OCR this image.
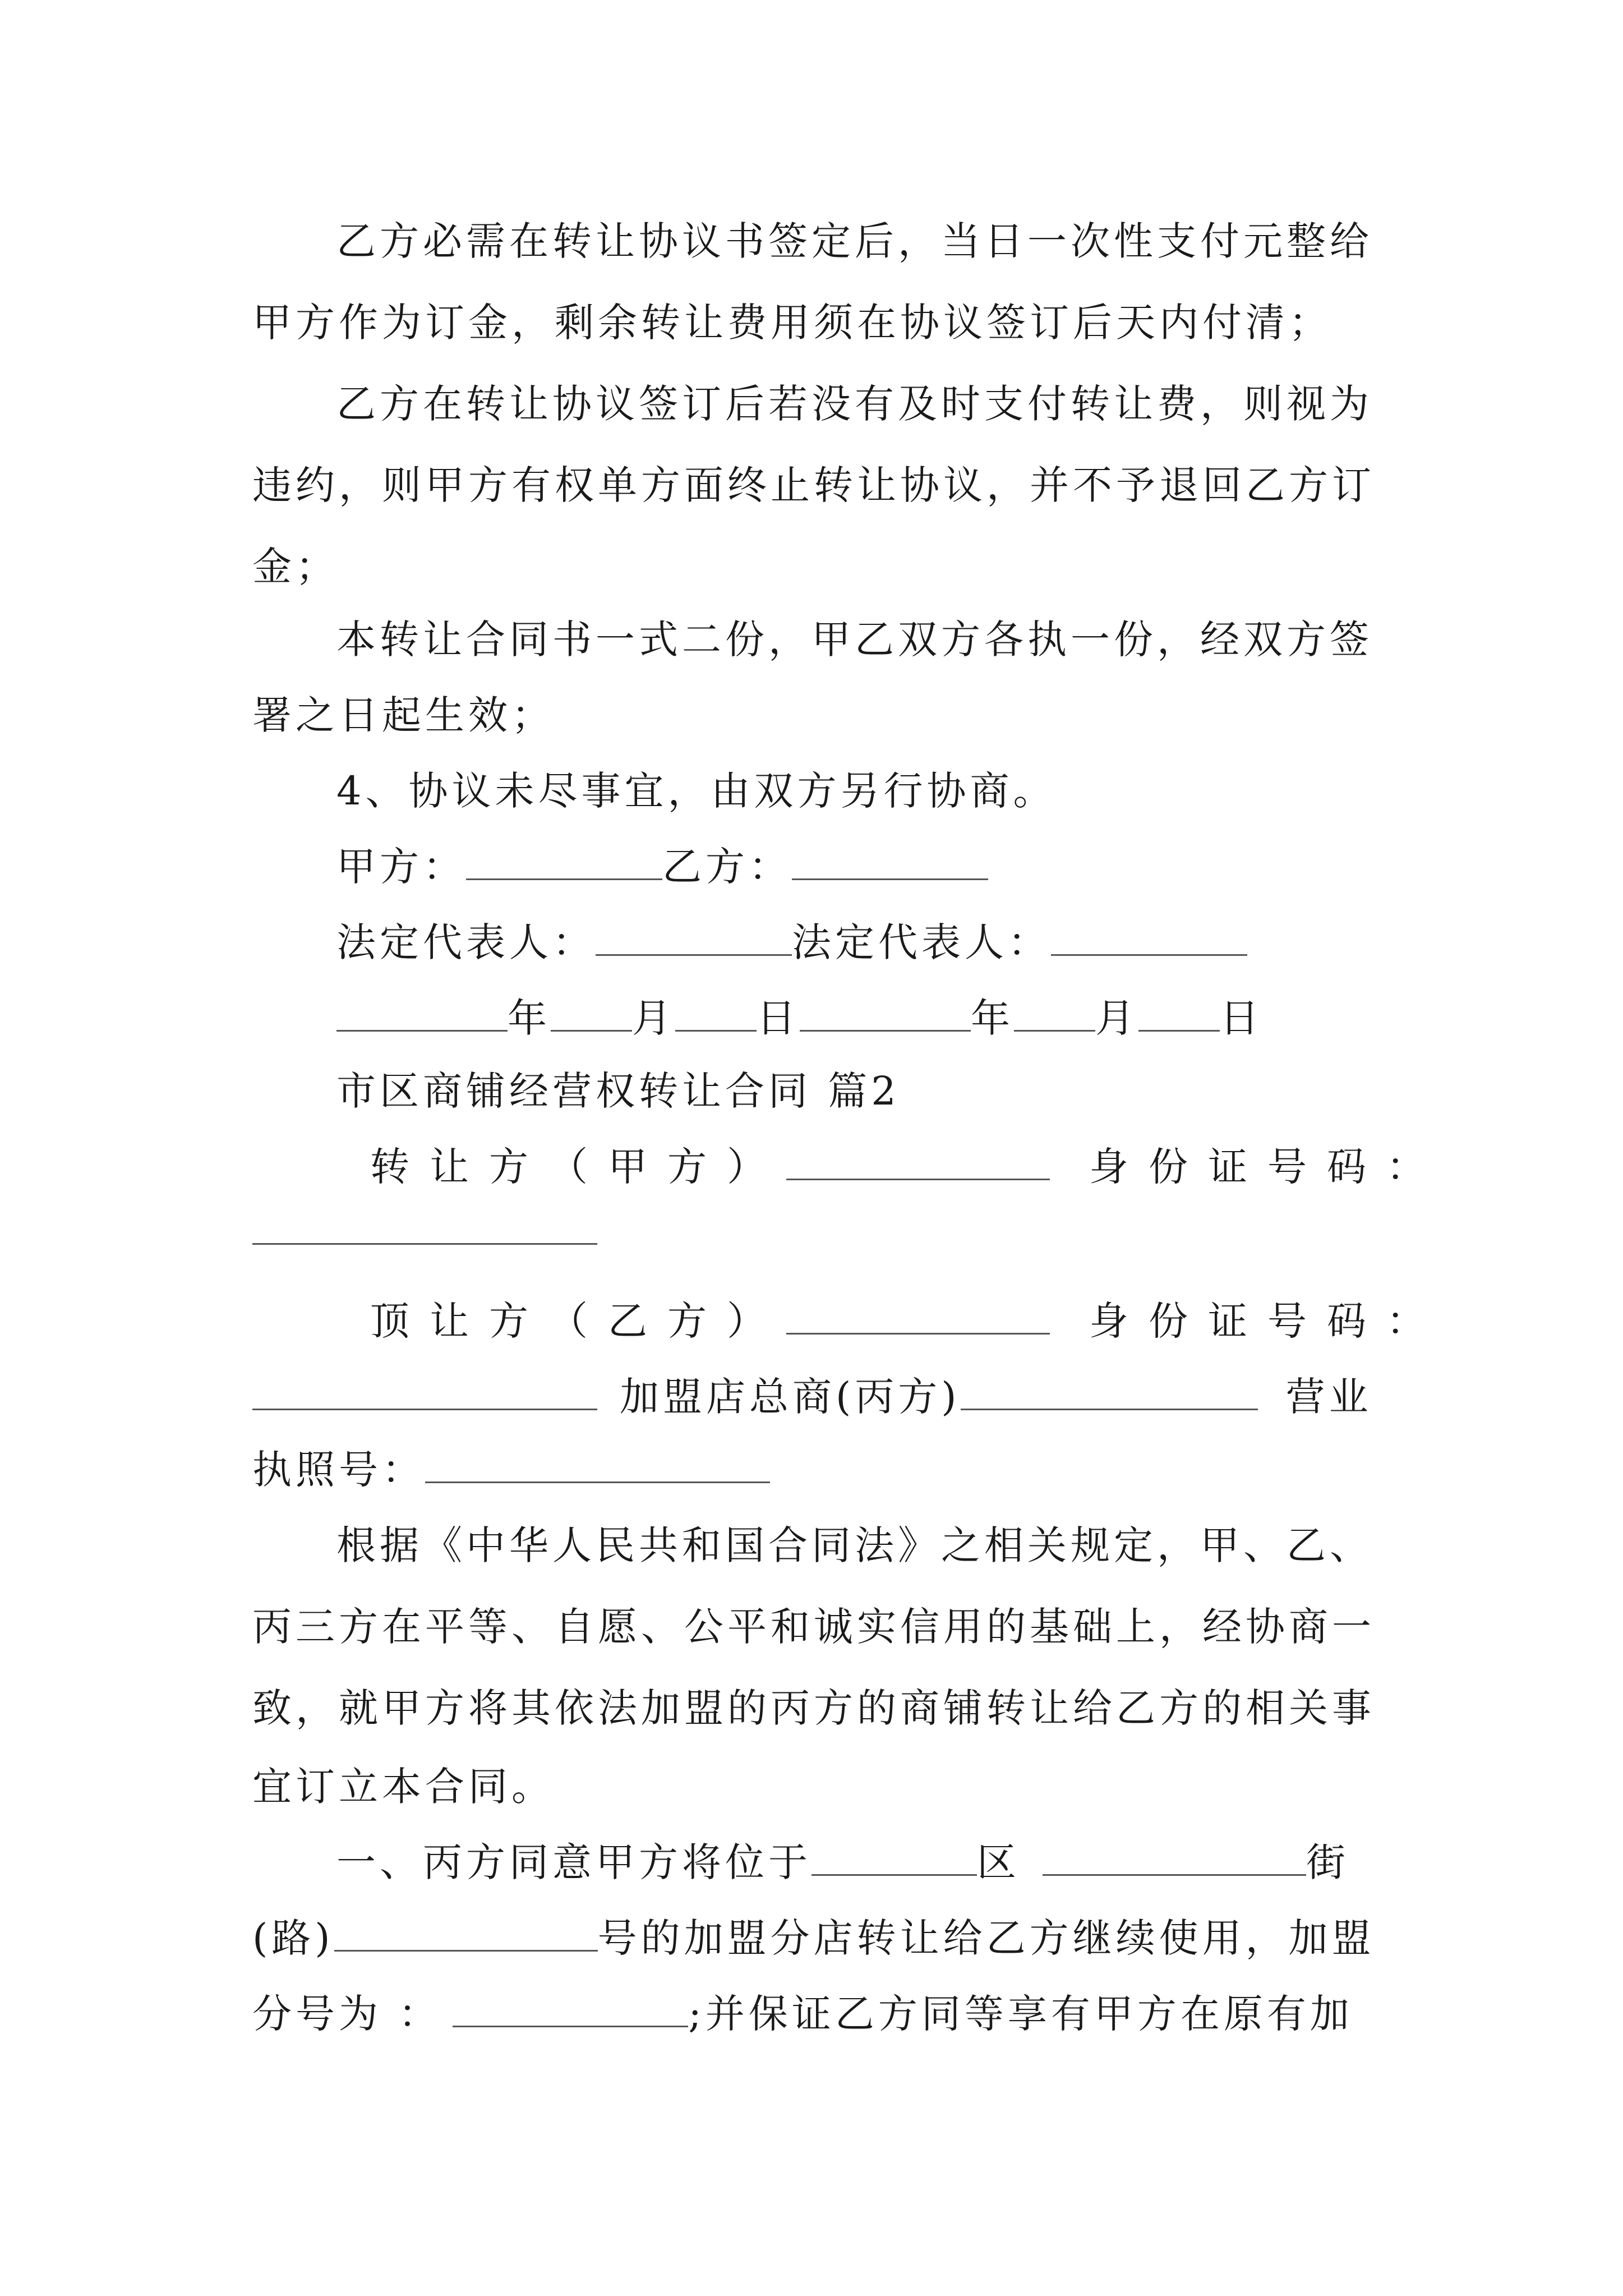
乙方必需在转让协议书签定后，当日一次性支付元整给
甲方作为订金，剩余转让费用须在协议签订后天内付清；
乙方在转让协议签订后若没有及时支付转让费，则视为
违约，则甲方有权单方面终止转让协议，并不予退回乙方订
金；
本转让合同书一式二份，甲乙双方各执一份，经双方签
署之日起生效；
4、协议未尽事宜，由双方另行协商。
甲方：	乙方：
法定代表人：	法定代表人：
年 月 日	年 月 日
市区商铺经营权转让合同 篇2
转让方（甲方）	身份证号码：
顶让方（乙方）	身份证号码：
加盟店总商(丙方)	营业
执照号：
根据《中华人民共和国合同法》之相关规定，甲、乙、
丙三方在平等、自愿、公平和诚实信用的基础上，经协商一
致，就甲方将其依法加盟的丙方的商铺转让给乙方的相关事
宜订立本合同。
一、丙方同意甲方将位于	区	街
(路)	号的加盟分店转让给乙方继续使用，加盟
分号为 ：	;并保证乙方同等享有甲方在原有加
